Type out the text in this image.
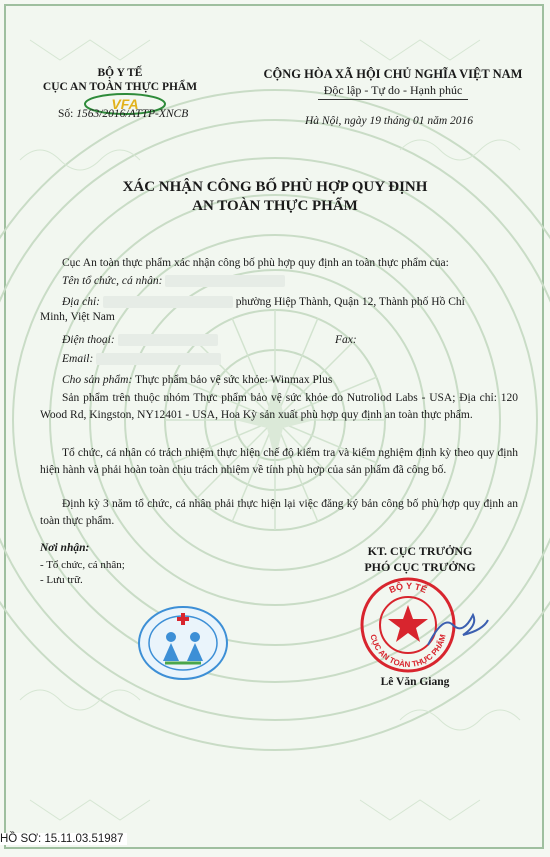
BỘ Y TẾ
CỤC AN TOÀN THỰC PHẨM
VFA
Số: 1563/2016/ATTP-XNCB
CỘNG HÒA XÃ HỘI CHỦ NGHĨA VIỆT NAM
Độc lập - Tự do - Hạnh phúc
Hà Nội, ngày 19 tháng 01 năm 2016
XÁC NHẬN CÔNG BỐ PHÙ HỢP QUY ĐỊNH
AN TOÀN THỰC PHẨM
Cục An toàn thực phẩm xác nhận công bố phù hợp quy định an toàn thực phẩm của:
Tên tổ chức, cá nhân:
Địa chỉ:	phường Hiệp Thành, Quận 12, Thành phố Hồ Chí
Minh, Việt Nam
Điện thoại:	Fax:
Email:
Cho sản phẩm: Thực phẩm bảo vệ sức khỏe: Winmax Plus
Sản phẩm trên thuộc nhóm Thực phẩm bảo vệ sức khỏe do Nutroliod Labs - USA; Địa chỉ: 120 Wood Rd, Kingston, NY12401 - USA, Hoa Kỳ sản xuất phù hợp quy định an toàn thực phẩm.
Tổ chức, cá nhân có trách nhiệm thực hiện chế độ kiểm tra và kiểm nghiệm định kỳ theo quy định hiện hành và phải hoàn toàn chịu trách nhiệm về tính phù hợp của sản phẩm đã công bố.
Định kỳ 3 năm tổ chức, cá nhân phải thực hiện lại việc đăng ký bản công bố phù hợp quy định an toàn thực phẩm.
Nơi nhận:
- Tổ chức, cá nhân;
- Lưu trữ.
KT. CỤC TRƯỞNG
PHÓ CỤC TRƯỞNG
BỘ Y TẾ
CỤC AN TOÀN THỰC PHẨM
Lê Văn Giang
HỒ SƠ: 15.11.03.51987
